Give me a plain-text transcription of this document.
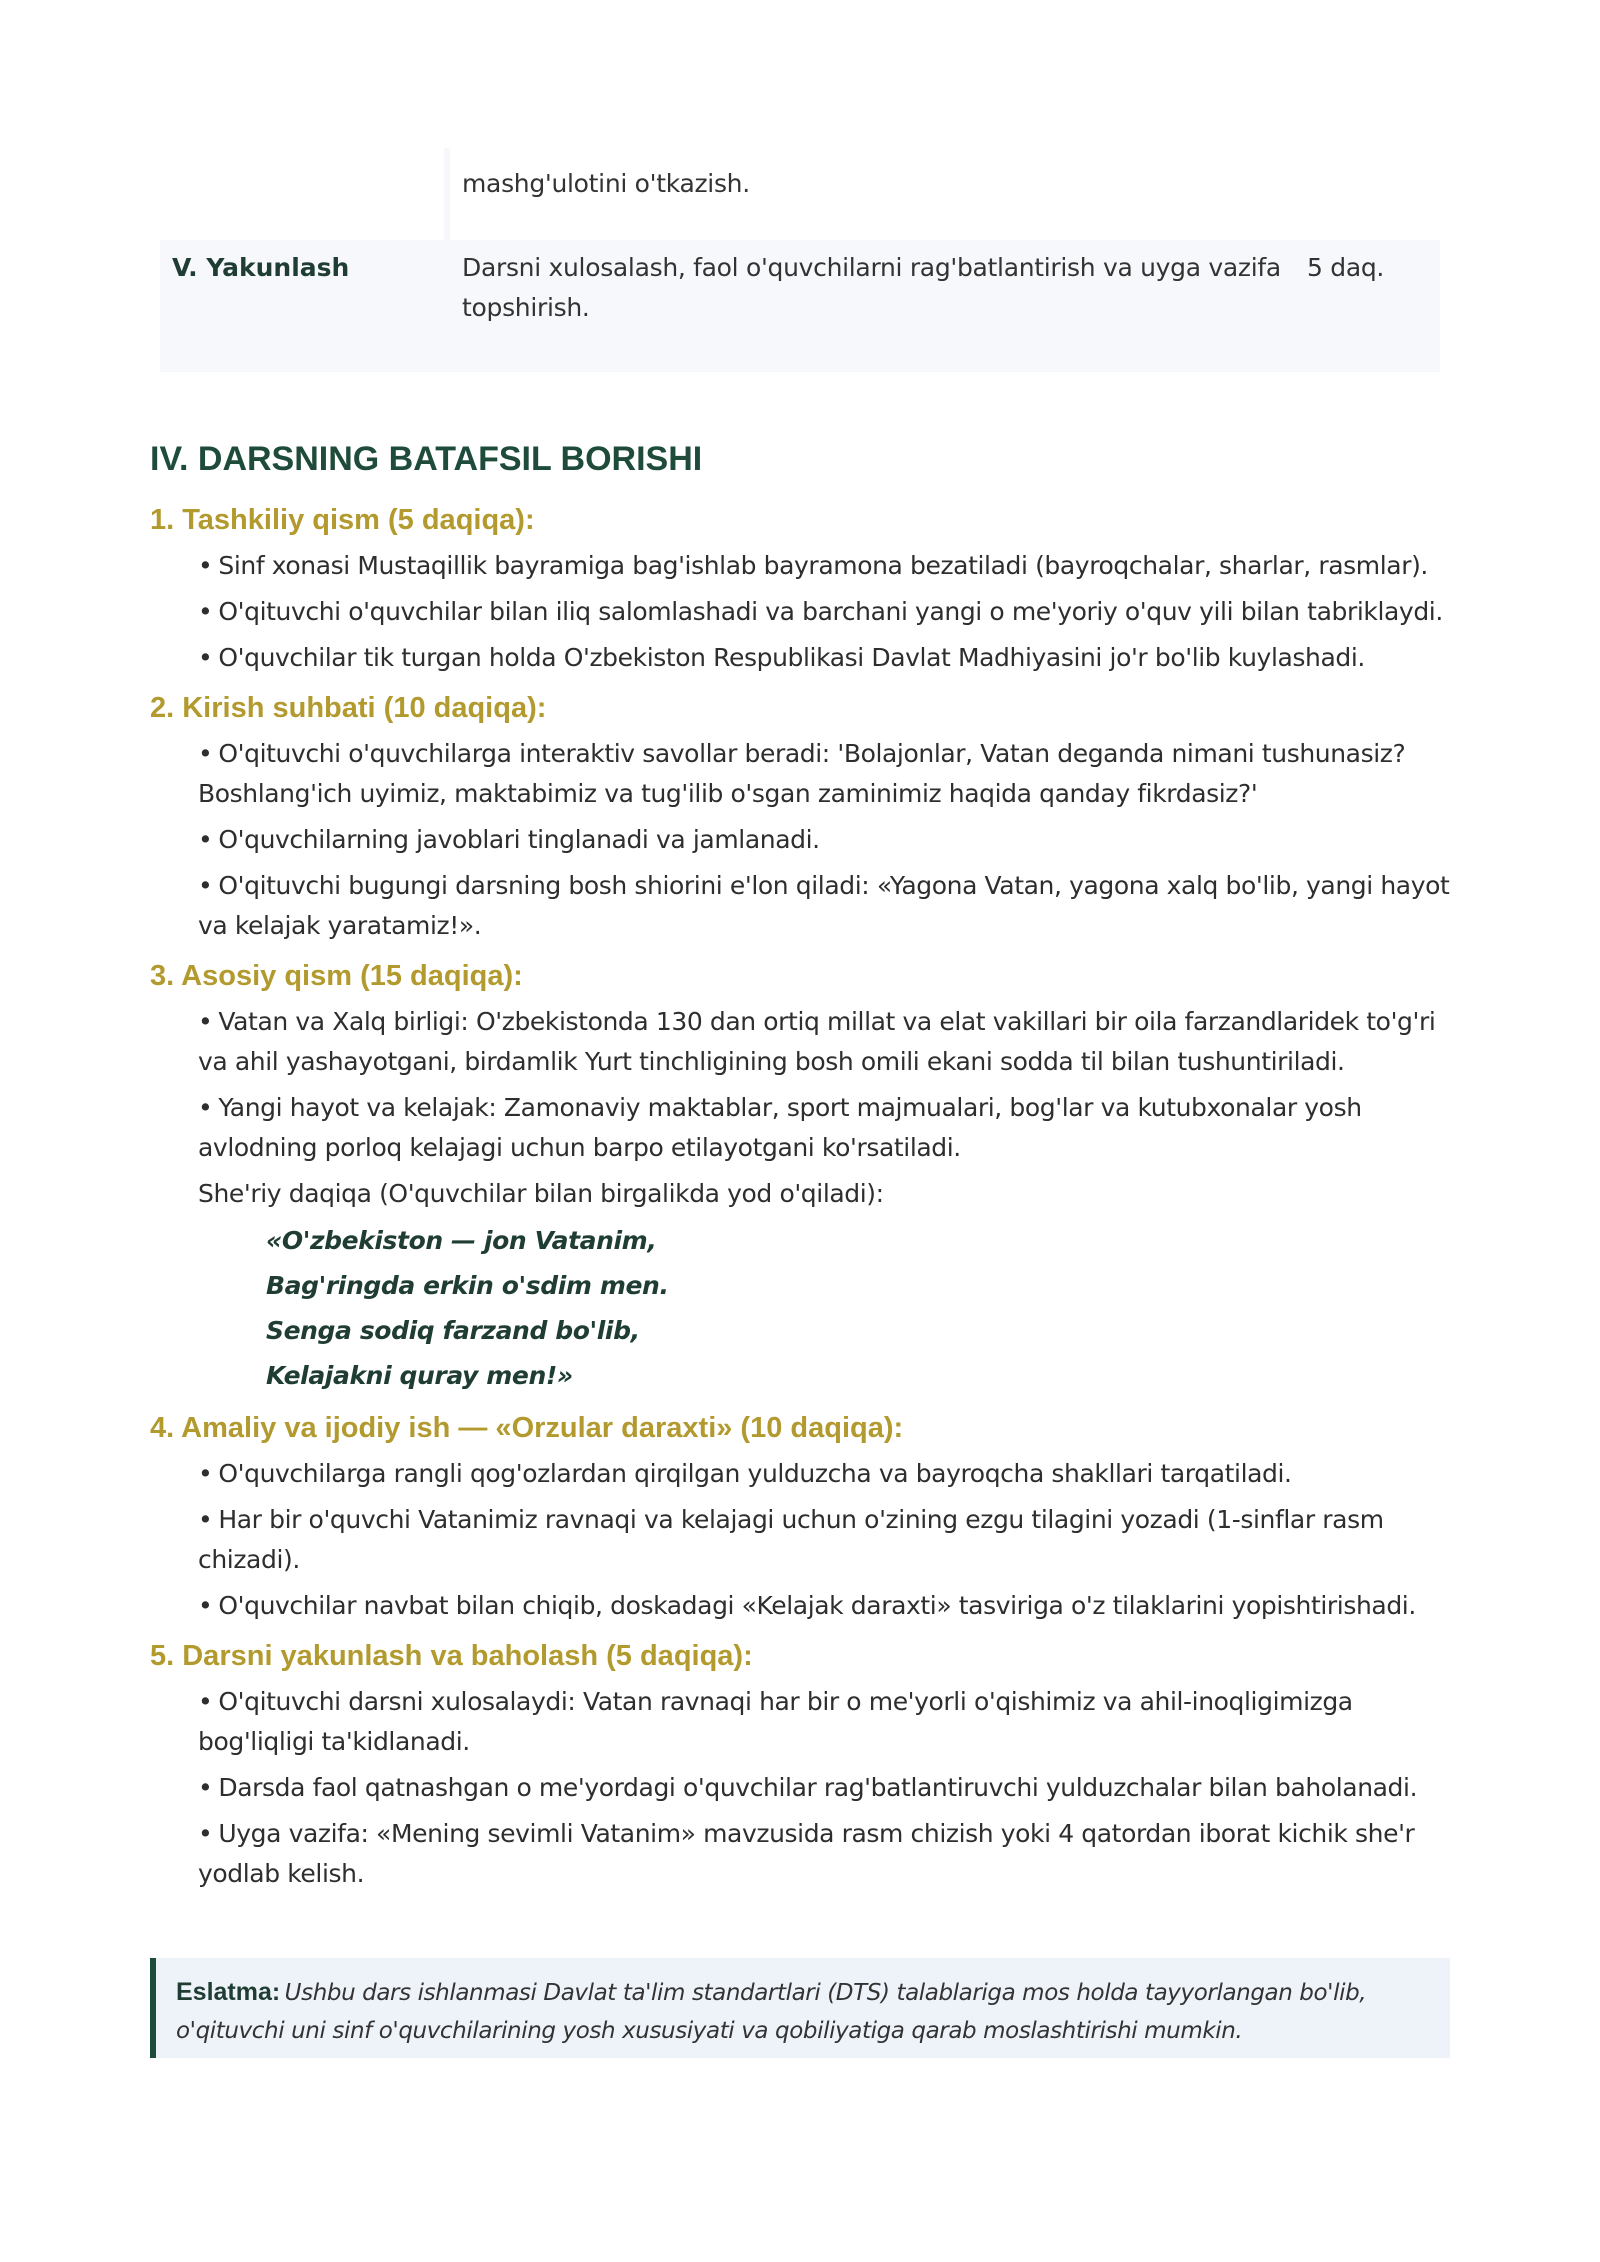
mashg'ulotini o'tkazish.
V. Yakunlash	Darsni xulosalash, faol o'quvchilarni rag'batlantirish va uyga vazifa topshirish.
5 daq.
IV. DARSNING BATAFSIL BORISHI
1. Tashkiliy qism (5 daqiqa):
• Sinf xonasi Mustaqillik bayramiga bag'ishlab bayramona bezatiladi (bayroqchalar, sharlar, rasmlar).
• O'qituvchi o'quvchilar bilan iliq salomlashadi va barchani yangi o me'yoriy o'quv yili bilan tabriklaydi.
• O'quvchilar tik turgan holda O'zbekiston Respublikasi Davlat Madhiyasini jo'r bo'lib kuylashadi.
2. Kirish suhbati (10 daqiqa):
• O'qituvchi o'quvchilarga interaktiv savollar beradi: 'Bolajonlar, Vatan deganda nimani tushunasiz? Boshlang'ich uyimiz, maktabimiz va tug'ilib o'sgan zaminimiz haqida qanday fikrdasiz?'
• O'quvchilarning javoblari tinglanadi va jamlanadi.
• O'qituvchi bugungi darsning bosh shiorini e'lon qiladi: «Yagona Vatan, yagona xalq bo'lib, yangi hayot va kelajak yaratamiz!».
3. Asosiy qism (15 daqiqa):
• Vatan va Xalq birligi: O'zbekistonda 130 dan ortiq millat va elat vakillari bir oila farzandlaridek to'g'ri va ahil yashayotgani, birdamlik Yurt tinchligining bosh omili ekani sodda til bilan tushuntiriladi.
• Yangi hayot va kelajak: Zamonaviy maktablar, sport majmualari, bog'lar va kutubxonalar yosh avlodning porloq kelajagi uchun barpo etilayotgani ko'rsatiladi.
She'riy daqiqa (O'quvchilar bilan birgalikda yod o'qiladi):
«O'zbekiston — jon Vatanim,
Bag'ringda erkin o'sdim men.
Senga sodiq farzand bo'lib,
Kelajakni quray men!»
4. Amaliy va ijodiy ish — «Orzular daraxti» (10 daqiqa):
• O'quvchilarga rangli qog'ozlardan qirqilgan yulduzcha va bayroqcha shakllari tarqatiladi.
• Har bir o'quvchi Vatanimiz ravnaqi va kelajagi uchun o'zining ezgu tilagini yozadi (1-sinflar rasm chizadi).
• O'quvchilar navbat bilan chiqib, doskadagi «Kelajak daraxti» tasviriga o'z tilaklarini yopishtirishadi.
5. Darsni yakunlash va baholash (5 daqiqa):
• O'qituvchi darsni xulosalaydi: Vatan ravnaqi har bir o me'yorli o'qishimiz va ahil-inoqligimizga bog'liqligi ta'kidlanadi.
• Darsda faol qatnashgan o me'yordagi o'quvchilar rag'batlantiruvchi yulduzchalar bilan baholanadi.
• Uyga vazifa: «Mening sevimli Vatanim» mavzusida rasm chizish yoki 4 qatordan iborat kichik she'r yodlab kelish.
Eslatma: Ushbu dars ishlanmasi Davlat ta'lim standartlari (DTS) talablariga mos holda tayyorlangan bo'lib, o'qituvchi uni sinf o'quvchilarining yosh xususiyati va qobiliyatiga qarab moslashtirishi mumkin.
